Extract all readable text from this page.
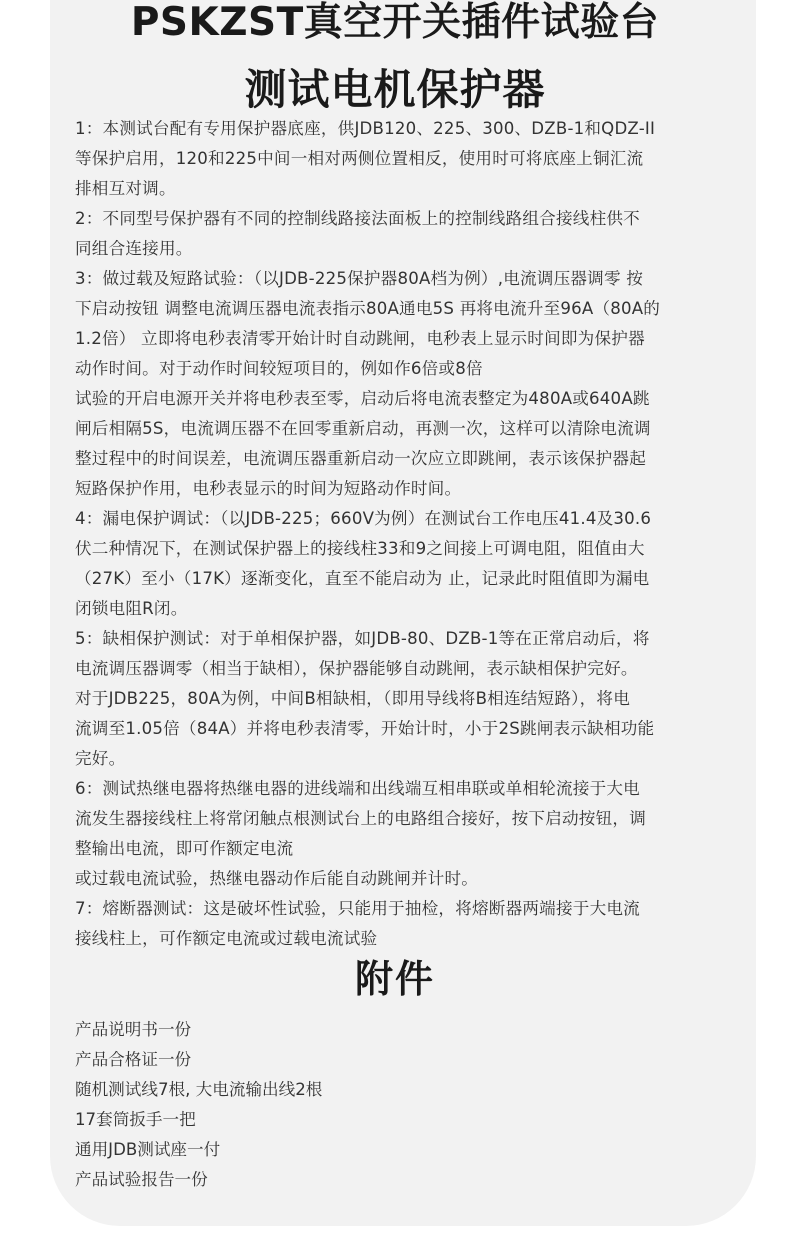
PSKZST真空开关插件试验台
测试电机保护器
1：本测试台配有专用保护器底座，供JDB120、225、300、DZB-1和QDZ-II
等保护启用，120和225中间一相对两侧位置相反，使用时可将底座上铜汇流
排相互对调。
2：不同型号保护器有不同的控制线路接法面板上的控制线路组合接线柱供不
同组合连接用。
3：做过载及短路试验：（以JDB-225保护器80A档为例）,电流调压器调零 按
下启动按钮 调整电流调压器电流表指示80A通电5S 再将电流升至96A（80A的
1.2倍） 立即将电秒表清零开始计时自动跳闸，电秒表上显示时间即为保护器
动作时间。对于动作时间较短项目的，例如作6倍或8倍
试验的开启电源开关并将电秒表至零，启动后将电流表整定为480A或640A跳
闸后相隔5S，电流调压器不在回零重新启动，再测一次，这样可以清除电流调
整过程中的时间误差，电流调压器重新启动一次应立即跳闸，表示该保护器起
短路保护作用，电秒表显示的时间为短路动作时间。
4：漏电保护调试：（以JDB-225；660V为例）在测试台工作电压41.4及30.6
伏二种情况下，在测试保护器上的接线柱33和9之间接上可调电阻，阻值由大
（27K）至小（17K）逐渐变化，直至不能启动为 止，记录此时阻值即为漏电
闭锁电阻R闭。
5：缺相保护测试：对于单相保护器，如JDB-80、DZB-1等在正常启动后，将
电流调压器调零（相当于缺相），保护器能够自动跳闸，表示缺相保护完好。
对于JDB225，80A为例，中间B相缺相，（即用导线将B相连结短路），将电
流调至1.05倍（84A）并将电秒表清零，开始计时，小于2S跳闸表示缺相功能
完好。
6：测试热继电器将热继电器的进线端和出线端互相串联或单相轮流接于大电
流发生器接线柱上将常闭触点根测试台上的电路组合接好，按下启动按钮，调
整输出电流，即可作额定电流
或过载电流试验，热继电器动作后能自动跳闸并计时。
7：熔断器测试：这是破坏性试验，只能用于抽检，将熔断器两端接于大电流
接线柱上，可作额定电流或过载电流试验
附件
产品说明书一份
产品合格证一份
随机测试线7根, 大电流输出线2根
17套筒扳手一把
通用JDB测试座一付
产品试验报告一份
